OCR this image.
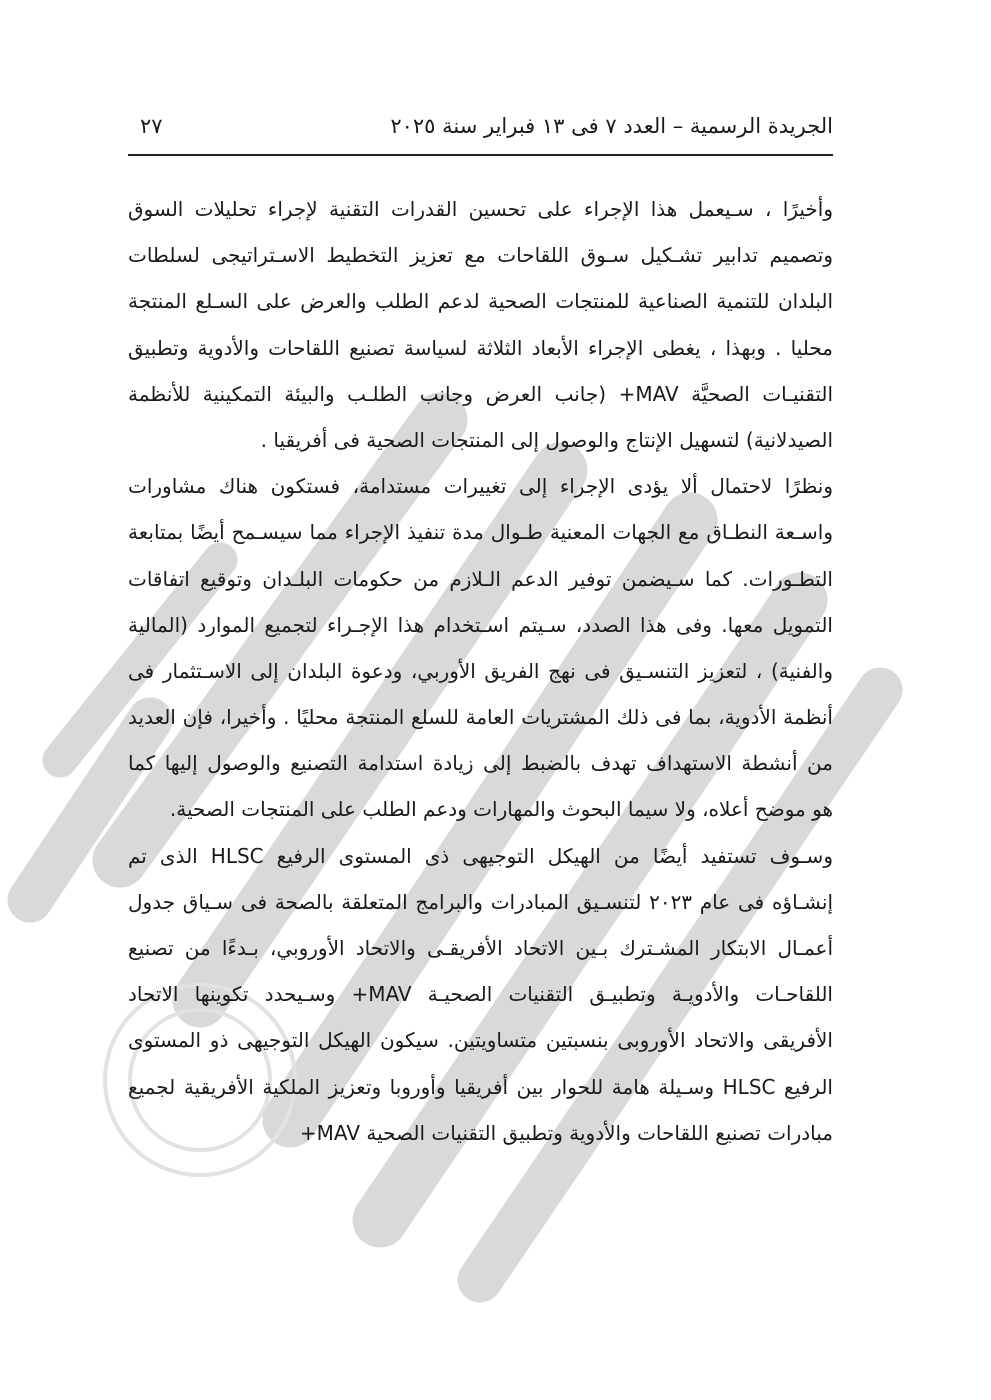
الجريدة الرسمية – العدد ٧ فى ١٣ فبراير سنة ٢٠٢٥
٢٧
وأخيرًا ، سـيعمل هذا الإجراء على تحسين القدرات التقنية لإجراء تحليلات السوق
وتصميم تدابير تشـكيل سـوق اللقاحات مع تعزيز التخطيط الاسـتراتيجى لسلطات
البلدان للتنمية الصناعية للمنتجات الصحية لدعم الطلب والعرض على السـلع المنتجة
محليا . وبهذا ، يغطى الإجراء الأبعاد الثلاثة لسياسة تصنيع اللقاحات والأدوية وتطبيق
التقنيـات الصحيَّة MAV+ (جانب العرض وجانب الطلـب والبيئة التمكينية للأنظمة
الصيدلانية) لتسهيل الإنتاج والوصول إلى المنتجات الصحية فى أفريقيا .
ونظرًا لاحتمال ألا يؤدى الإجراء إلى تغييرات مستدامة، فستكون هناك مشاورات
واسـعة النطـاق مع الجهات المعنية طـوال مدة تنفيذ الإجراء مما سيسـمح أيضًا بمتابعة
التطـورات. كما سـيضمن توفير الدعم الـلازم من حكومات البلـدان وتوقيع اتفاقات
التمويل معها. وفى هذا الصدد، سـيتم اسـتخدام هذا الإجـراء لتجميع الموارد (المالية
والفنية) ، لتعزيز التنسـيق فى نهج الفريق الأوربي، ودعوة البلدان إلى الاسـتثمار فى
أنظمة الأدوية، بما فى ذلك المشتريات العامة للسلع المنتجة محليًا . وأخيرا، فإن العديد
من أنشطة الاستهداف تهدف بالضبط إلى زيادة استدامة التصنيع والوصول إليها كما
هو موضح أعلاه، ولا سيما البحوث والمهارات ودعم الطلب على المنتجات الصحية.
وسـوف تستفيد أيضًا من الهيكل التوجيهى ذى المستوى الرفيع HLSC الذى تم
إنشـاؤه فى عام ٢٠٢٣ لتنسـيق المبادرات والبرامج المتعلقة بالصحة فى سـياق جدول
أعمـال الابتكار المشـترك بـين الاتحاد الأفريقـى والاتحاد الأوروبي، بـدءًا من تصنيع
اللقاحـات والأدويـة وتطبيـق التقنيات الصحيـة MAV+ وسـيحدد تكوينها الاتحاد
الأفريقى والاتحاد الأوروبى بنسبتين متساويتين. سيكون الهيكل التوجيهى ذو المستوى
الرفيع HLSC وسـيلة هامة للحوار بين أفريقيا وأوروبا وتعزيز الملكية الأفريقية لجميع
مبادرات تصنيع اللقاحات والأدوية وتطبيق التقنيات الصحية MAV+
